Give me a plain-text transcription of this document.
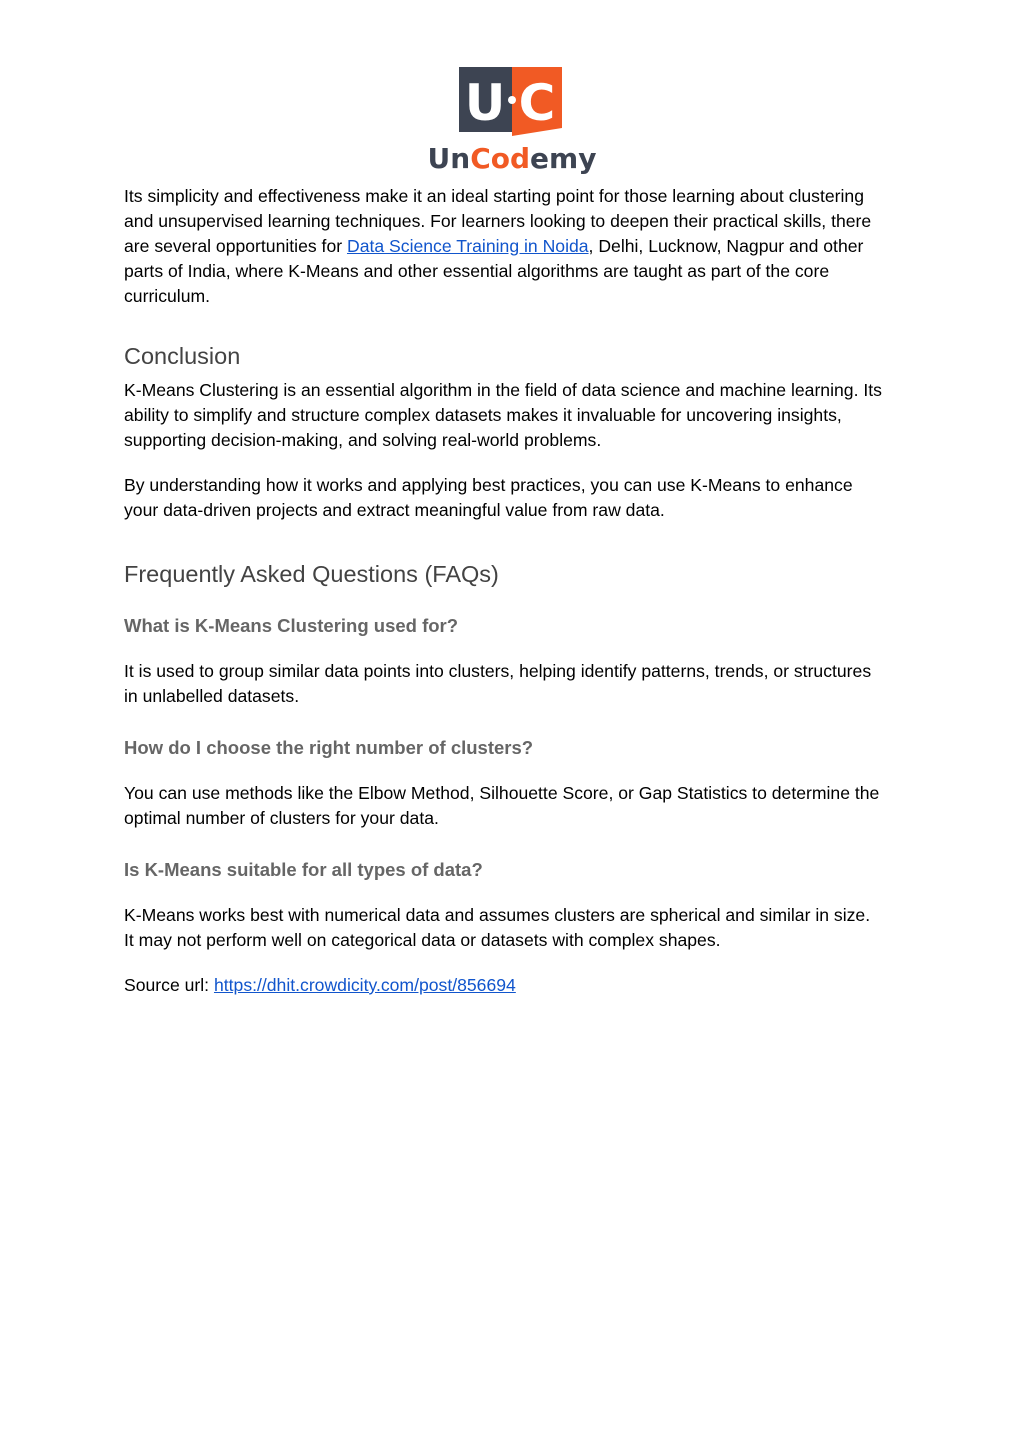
U C
UnCodemy

Its simplicity and effectiveness make it an ideal starting point for those learning about clustering and unsupervised learning techniques. For learners looking to deepen their practical skills, there are several opportunities for Data Science Training in Noida, Delhi, Lucknow, Nagpur and other parts of India, where K-Means and other essential algorithms are taught as part of the core curriculum.

Conclusion

K-Means Clustering is an essential algorithm in the field of data science and machine learning. Its ability to simplify and structure complex datasets makes it invaluable for uncovering insights, supporting decision-making, and solving real-world problems.

By understanding how it works and applying best practices, you can use K-Means to enhance your data-driven projects and extract meaningful value from raw data.

Frequently Asked Questions (FAQs)
What is K-Means Clustering used for?

It is used to group similar data points into clusters, helping identify patterns, trends, or structures in unlabelled datasets.

How do I choose the right number of clusters?

You can use methods like the Elbow Method, Silhouette Score, or Gap Statistics to determine the optimal number of clusters for your data.

Is K-Means suitable for all types of data?

K-Means works best with numerical data and assumes clusters are spherical and similar in size. It may not perform well on categorical data or datasets with complex shapes.

Source url: https://dhit.crowdicity.com/post/856694
